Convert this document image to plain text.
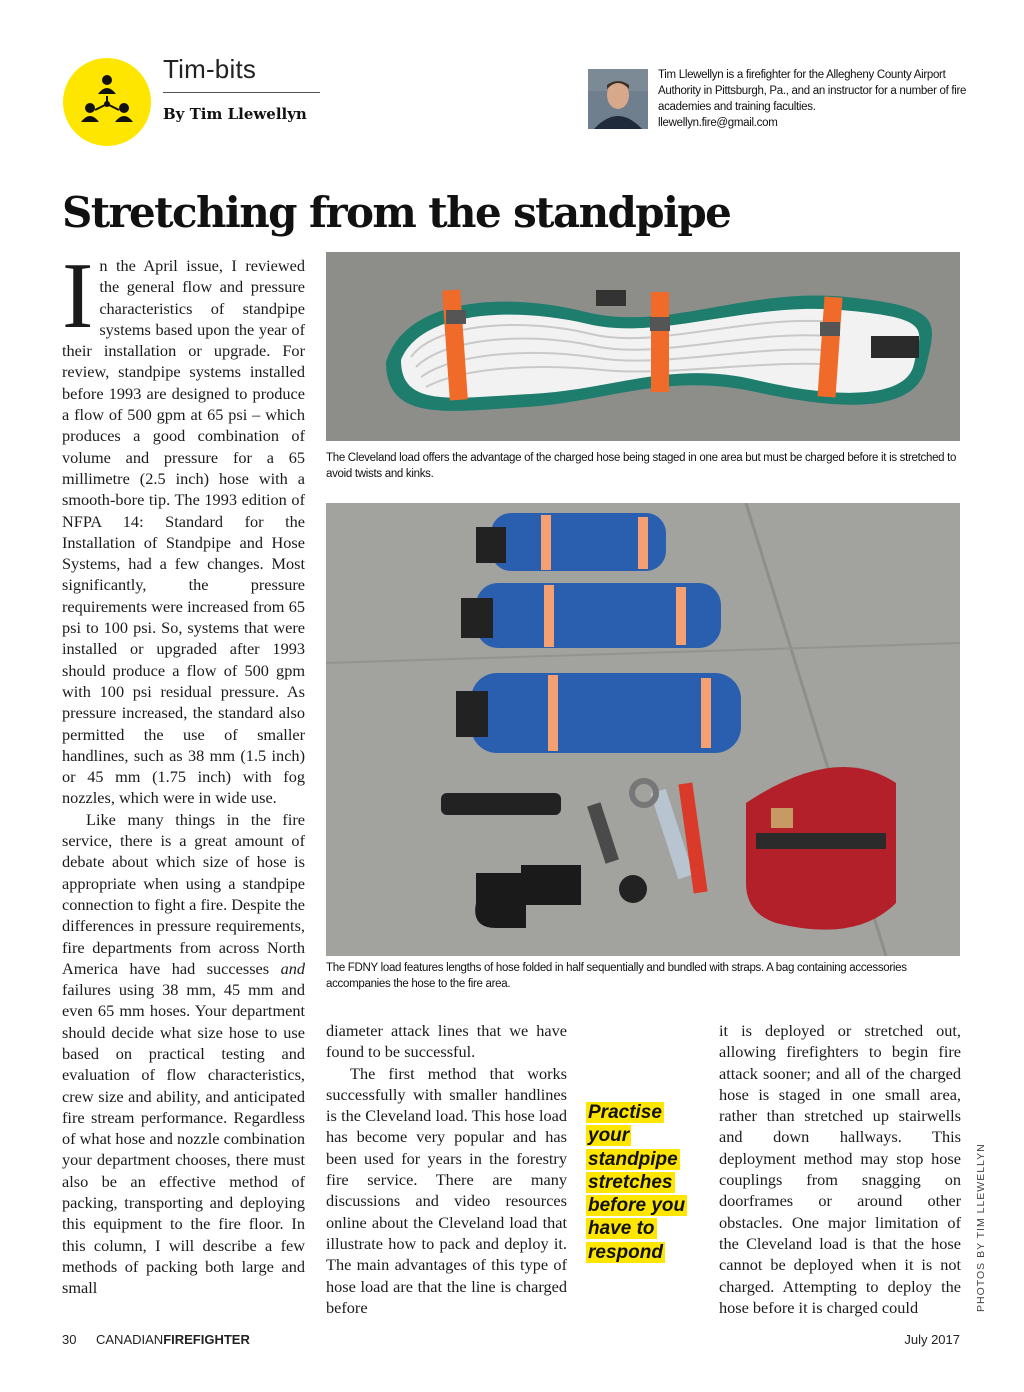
Tim-bits
By Tim Llewellyn
Tim Llewellyn is a firefighter for the Allegheny County Airport Authority in Pittsburgh, Pa., and an instructor for a number of fire academies and training faculties.
llewellyn.fire@gmail.com
Stretching from the standpipe

In the April issue, I reviewed the general flow and pressure characteristics of standpipe systems based upon the year of their installation or upgrade. For review, standpipe systems installed before 1993 are designed to produce a flow of 500 gpm at 65 psi – which produces a good combination of volume and pressure for a 65 millimetre (2.5 inch) hose with a smooth-bore tip. The 1993 edition of NFPA 14: Standard for the Installation of Standpipe and Hose Systems, had a few changes. Most significantly, the pressure requirements were increased from 65 psi to 100 psi. So, systems that were installed or upgraded after 1993 should produce a flow of 500 gpm with 100 psi residual pressure. As pressure increased, the standard also permitted the use of smaller handlines, such as 38 mm (1.5 inch) or 45 mm (1.75 inch) with fog nozzles, which were in wide use.

Like many things in the fire service, there is a great amount of debate about which size of hose is appropriate when using a standpipe connection to fight a fire. Despite the differences in pressure requirements, fire departments from across North America have had successes and failures using 38 mm, 45 mm and even 65 mm hoses. Your department should decide what size hose to use based on practical testing and evaluation of flow characteristics, crew size and ability, and anticipated fire stream performance. Regardless of what hose and nozzle combination your department chooses, there must also be an effective method of packing, transporting and deploying this equipment to the fire floor. In this column, I will describe a few methods of packing both large and small

The Cleveland load offers the advantage of the charged hose being staged in one area but must be charged before it is stretched to avoid twists and kinks.
The FDNY load features lengths of hose folded in half sequentially and bundled with straps. A bag containing accessories accompanies the hose to the fire area.

diameter attack lines that we have found to be successful.

The first method that works successfully with smaller handlines is the Cleveland load. This hose load has become very popular and has been used for years in the forestry fire service. There are many discussions and video resources online about the Cleveland load that illustrate how to pack and deploy it. The main advantages of this type of hose load are that the line is charged before

Practise your standpipe stretches before you have to respond

it is deployed or stretched out, allowing firefighters to begin fire attack sooner; and all of the charged hose is staged in one small area, rather than stretched up stairwells and down hallways. This deployment method may stop hose couplings from snagging on doorframes or around other obstacles. One major limitation of the Cleveland load is that the hose cannot be deployed when it is not charged. Attempting to deploy the hose before it is charged could	PHOTOS BY TIM LLEWELLYN
30 CANADIANFIREFIGHTER	July 2017
